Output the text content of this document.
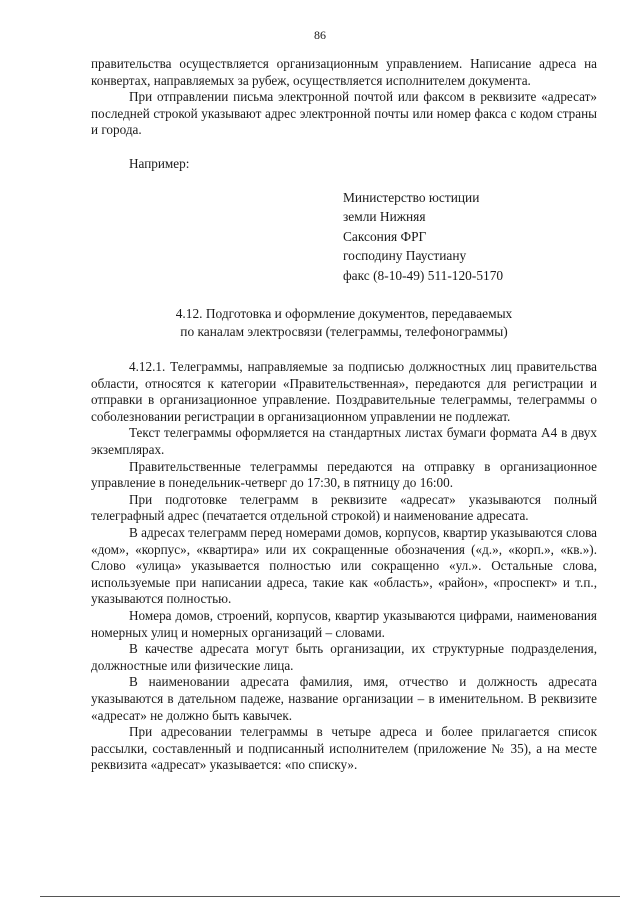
86

правительства осуществляется организационным управлением. Написание адреса на конвертах, направляемых за рубеж, осуществляется исполнителем документа.

При отправлении письма электронной почтой или факсом в реквизите «адресат» последней строкой указывают адрес электронной почты или номер факса с кодом страны и города.

Например:

Министерство юстиции
земли Нижняя
Саксония ФРГ
господину Паустиану
факс (8-10-49) 511-120-5170
4.12. Подготовка и оформление документов, передаваемых
по каналам электросвязи (телеграммы, телефонограммы)

4.12.1. Телеграммы, направляемые за подписью должностных лиц правительства области, относятся к категории «Правительственная», передаются для регистрации и отправки в организационное управление. Поздравительные телеграммы, телеграммы о соболезновании регистрации в организационном управлении не подлежат.

Текст телеграммы оформляется на стандартных листах бумаги формата А4 в двух экземплярах.

Правительственные телеграммы передаются на отправку в организационное управление в понедельник-четверг до 17:30, в пятницу до 16:00.

При подготовке телеграмм в реквизите «адресат» указываются полный телеграфный адрес (печатается отдельной строкой) и наименование адресата.

В адресах телеграмм перед номерами домов, корпусов, квартир указываются слова «дом», «корпус», «квартира» или их сокращенные обозначения («д.», «корп.», «кв.»). Слово «улица» указывается полностью или сокращенно «ул.». Остальные слова, используемые при написании адреса, такие как «область», «район», «проспект» и т.п., указываются полностью.

Номера домов, строений, корпусов, квартир указываются цифрами, наименования номерных улиц и номерных организаций – словами.

В качестве адресата могут быть организации, их структурные подразделения, должностные или физические лица.

В наименовании адресата фамилия, имя, отчество и должность адресата указываются в дательном падеже, название организации – в именительном. В реквизите «адресат» не должно быть кавычек.

При адресовании телеграммы в четыре адреса и более прилагается список рассылки, составленный и подписанный исполнителем (приложение № 35), а на месте реквизита «адресат» указывается: «по списку».
